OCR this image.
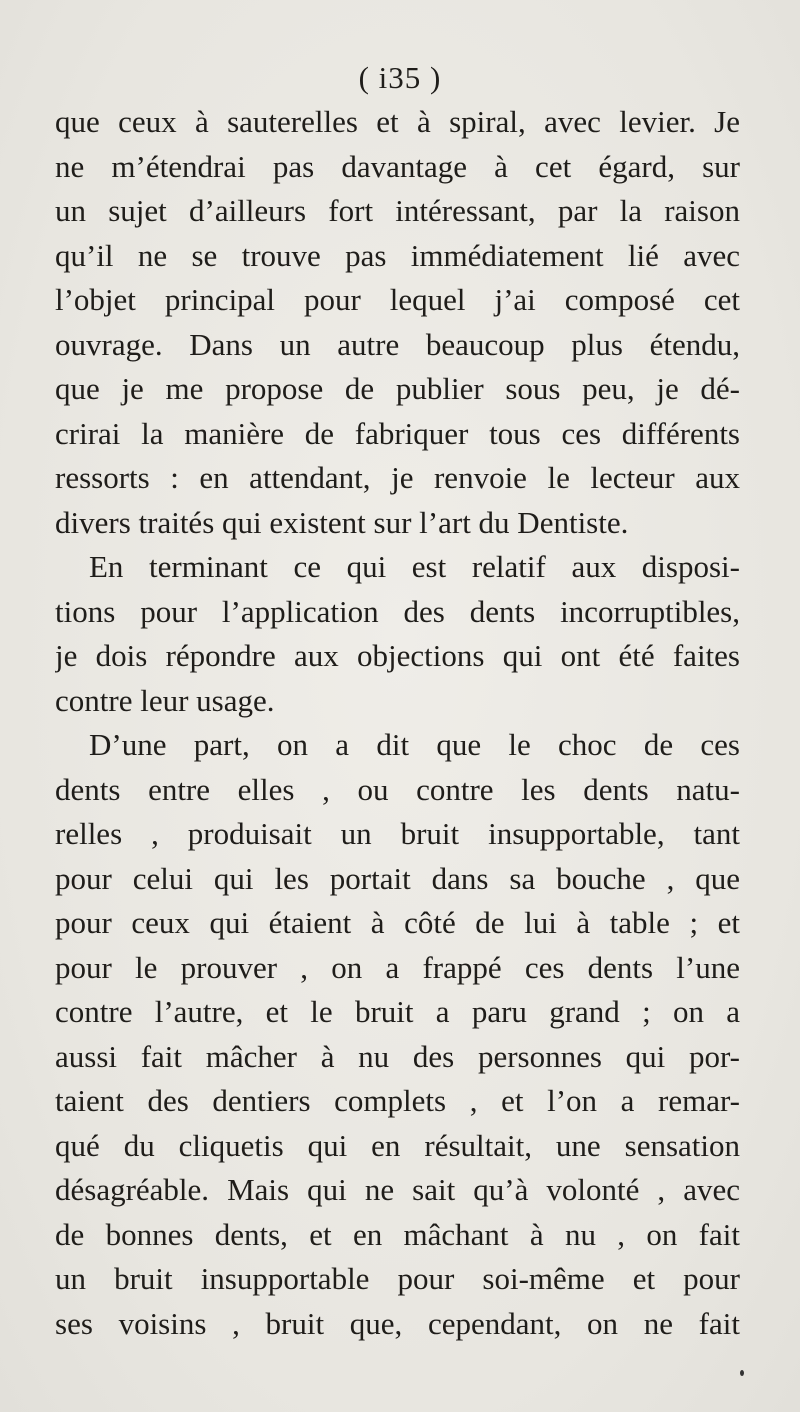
( i35 )
que ceux à sauterelles et à spiral, avec levier. Je
ne m’étendrai pas davantage à cet égard, sur
un sujet d’ailleurs fort intéressant, par la raison
qu’il ne se trouve pas immédiatement lié avec
l’objet principal pour lequel j’ai composé cet
ouvrage. Dans un autre beaucoup plus étendu,
que je me propose de publier sous peu, je dé-
crirai la manière de fabriquer tous ces différents
ressorts : en attendant, je renvoie le lecteur aux
divers traités qui existent sur l’art du Dentiste.
En terminant ce qui est relatif aux disposi-
tions pour l’application des dents incorruptibles,
je dois répondre aux objections qui ont été faites
contre leur usage.
D’une part, on a dit que le choc de ces
dents entre elles , ou contre les dents natu-
relles , produisait un bruit insupportable, tant
pour celui qui les portait dans sa bouche , que
pour ceux qui étaient à côté de lui à table ; et
pour le prouver , on a frappé ces dents l’une
contre l’autre, et le bruit a paru grand ; on a
aussi fait mâcher à nu des personnes qui por-
taient des dentiers complets , et l’on a remar-
qué du cliquetis qui en résultait, une sensation
désagréable. Mais qui ne sait qu’à volonté , avec
de bonnes dents, et en mâchant à nu , on fait
un bruit insupportable pour soi-même et pour
ses voisins , bruit que, cependant, on ne fait
